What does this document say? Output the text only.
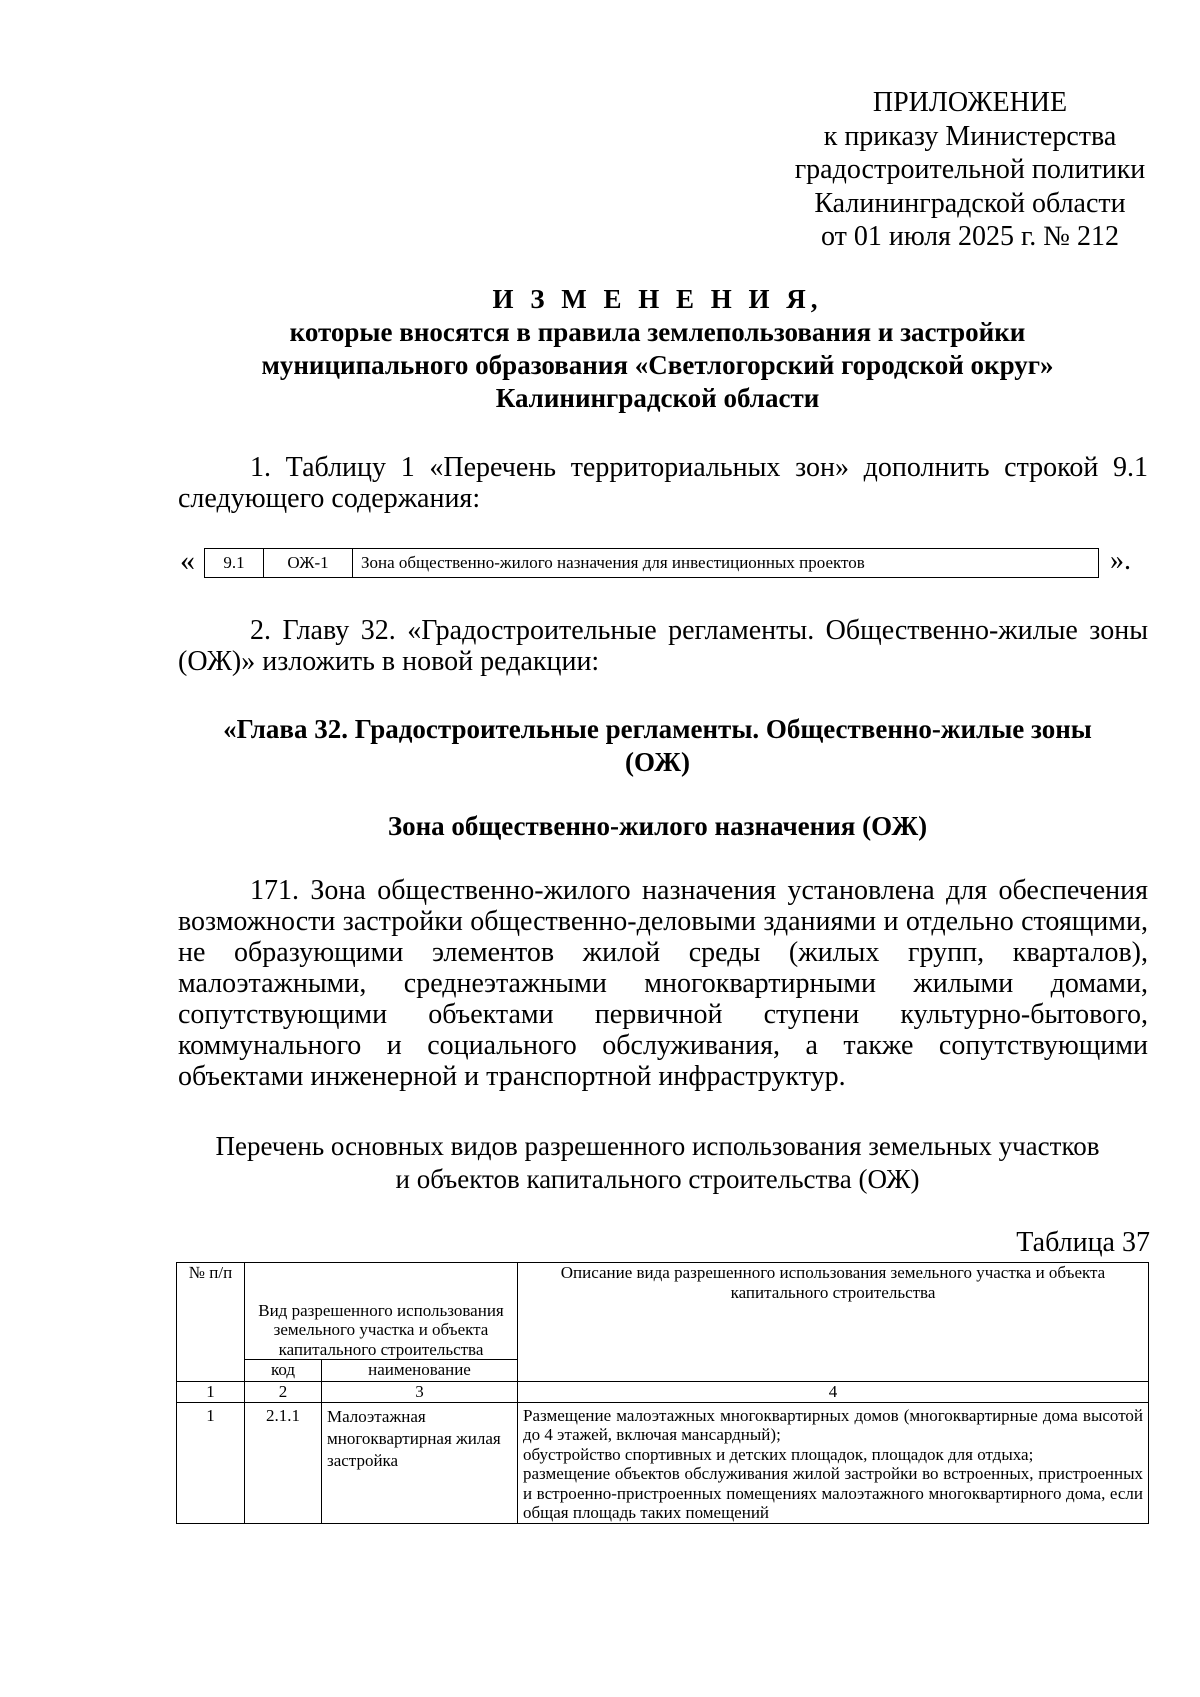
ПРИЛОЖЕНИЕ
к приказу Министерства
градостроительной политики
Калининградской области
от 01 июля 2025 г. № 212
И З М Е Н Е Н И Я,
которые вносятся в правила землепользования и застройки
муниципального образования «Светлогорский городской округ»
Калининградской области
1. Таблицу 1 «Перечень территориальных зон» дополнить строкой 9.1 следующего содержания:
« 9.1	ОЖ-1	Зона общественно-жилого назначения для инвестиционных проектов	».
2. Главу 32. «Градостроительные регламенты. Общественно-жилые зоны (ОЖ)» изложить в новой редакции:
«Глава 32. Градостроительные регламенты. Общественно-жилые зоны
(ОЖ)
Зона общественно-жилого назначения (ОЖ)
171. Зона общественно-жилого назначения установлена для обеспечения возможности застройки общественно-деловыми зданиями и отдельно стоящими, не образующими элементов жилой среды (жилых групп, кварталов), малоэтажными, среднеэтажными многоквартирными жилыми домами, сопутствующими объектами первичной ступени культурно-бытового, коммунального и социального обслуживания, а также сопутствующими объектами инженерной и транспортной инфраструктур.
Перечень основных видов разрешенного использования земельных участков
и объектов капитального строительства (ОЖ)
Таблица 37
№ п/п	Вид разрешенного использования земельного участка и объекта капитального строительства		Описание вида разрешенного использования земельного участка и объекта капитального строительства
	код	наименование	
1	2	3	4
1	2.1.1	Малоэтажная многоквартирная жилая застройка	Размещение малоэтажных многоквартирных домов (многоквартирные дома высотой до 4 этажей, включая мансардный);
обустройство спортивных и детских площадок, площадок для отдыха;
размещение объектов обслуживания жилой застройки во встроенных, пристроенных и встроенно-пристроенных помещениях малоэтажного многоквартирного дома, если общая площадь таких помещений
